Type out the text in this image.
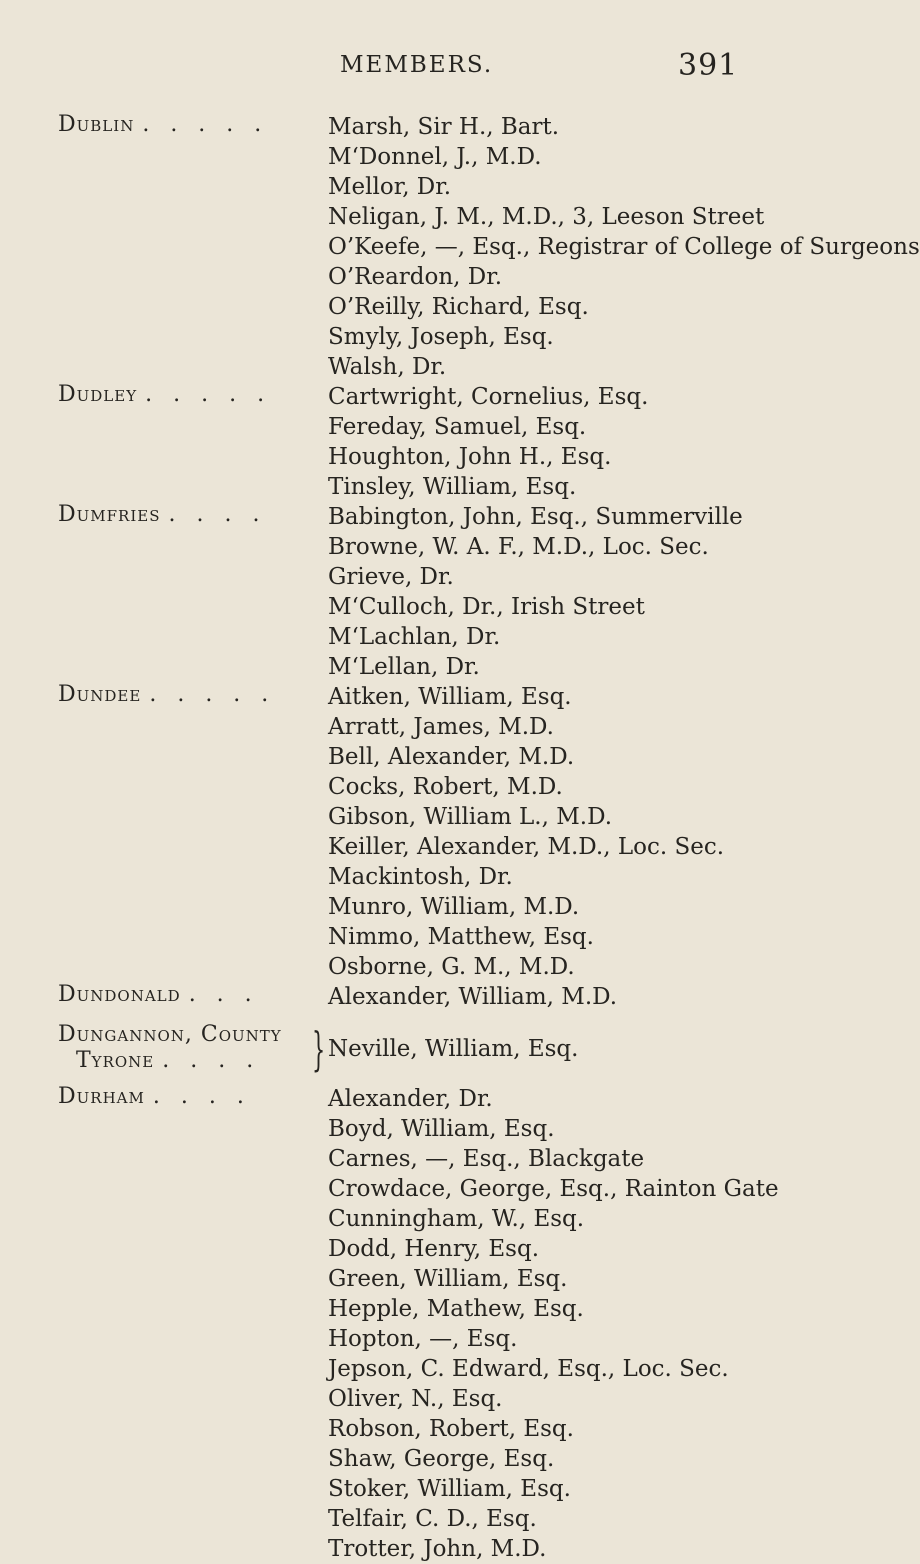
MEMBERS.	391
Dublin . . . . .	Marsh, Sir H., Bart.
M‘Donnel, J., M.D.
Mellor, Dr.
Neligan, J. M., M.D., 3, Leeson Street
O’Keefe, —, Esq., Registrar of College of Surgeons
O’Reardon, Dr.
O’Reilly, Richard, Esq.
Smyly, Joseph, Esq.
Walsh, Dr.
Dudley . . . . .	Cartwright, Cornelius, Esq.
Fereday, Samuel, Esq.
Houghton, John H., Esq.
Tinsley, William, Esq.
Dumfries . . . .	Babington, John, Esq., Summerville
Browne, W. A. F., M.D., Loc. Sec.
Grieve, Dr.
M‘Culloch, Dr., Irish Street
M‘Lachlan, Dr.
M‘Lellan, Dr.
Dundee . . . . .	Aitken, William, Esq.
Arratt, James, M.D.
Bell, Alexander, M.D.
Cocks, Robert, M.D.
Gibson, William L., M.D.
Keiller, Alexander, M.D., Loc. Sec.
Mackintosh, Dr.
Munro, William, M.D.
Nimmo, Matthew, Esq.
Osborne, G. M., M.D.
Dundonald . . .	Alexander, William, M.D.
Dungannon, County
Tyrone . . . .	} Neville, William, Esq.
Durham . . . .	Alexander, Dr.
Boyd, William, Esq.
Carnes, —, Esq., Blackgate
Crowdace, George, Esq., Rainton Gate
Cunningham, W., Esq.
Dodd, Henry, Esq.
Green, William, Esq.
Hepple, Mathew, Esq.
Hopton, —, Esq.
Jepson, C. Edward, Esq., Loc. Sec.
Oliver, N., Esq.
Robson, Robert, Esq.
Shaw, George, Esq.
Stoker, William, Esq.
Telfair, C. D., Esq.
Trotter, John, M.D.
